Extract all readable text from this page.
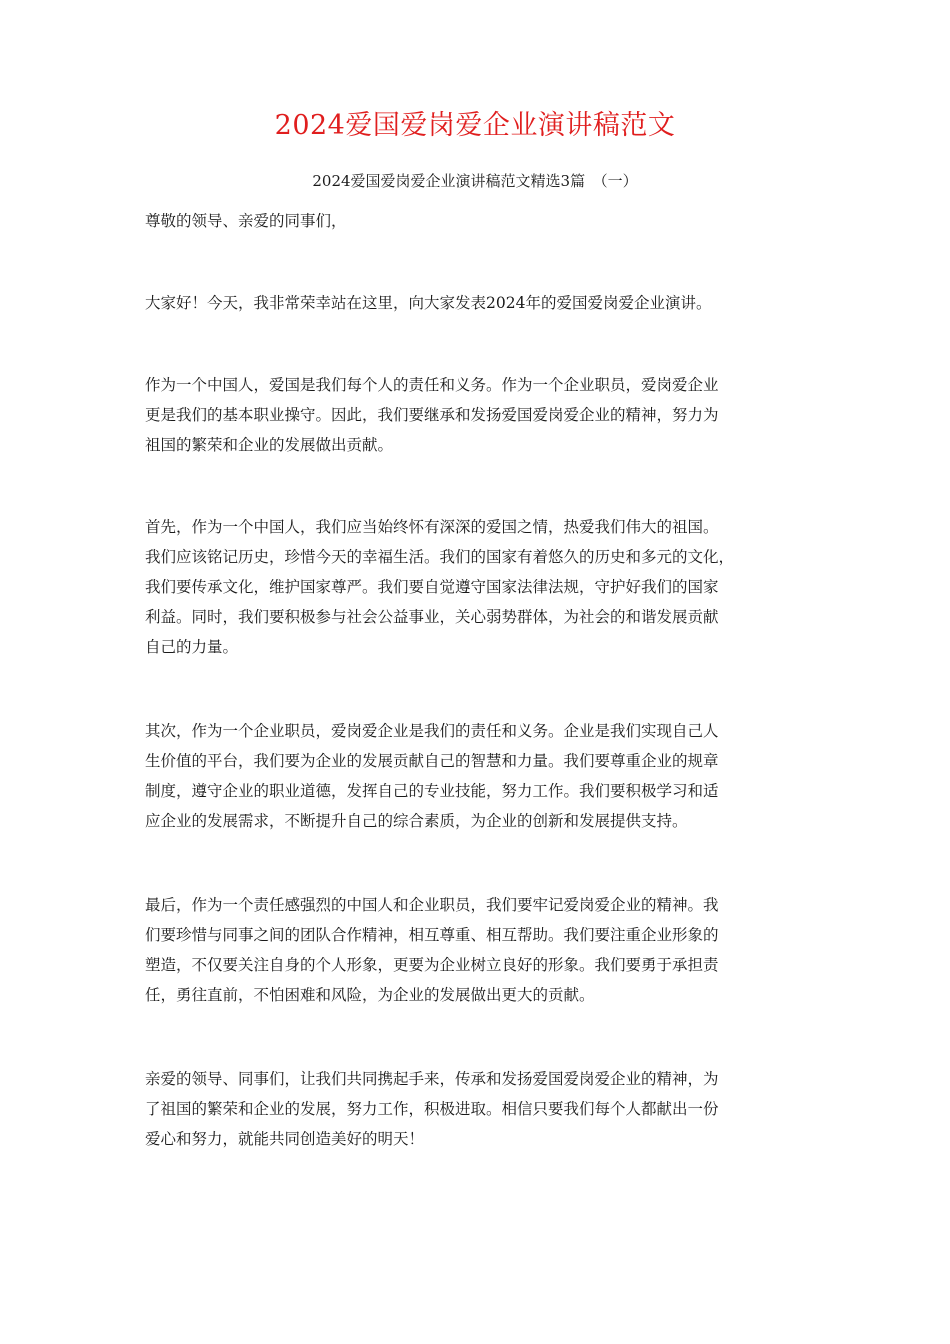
2024爱国爱岗爱企业演讲稿范文
2024爱国爱岗爱企业演讲稿范文精选3篇　（一）

尊敬的领导、亲爱的同事们，

大家好！今天，我非常荣幸站在这里，向大家发表2024年的爱国爱岗爱企业演讲。

作为一个中国人，爱国是我们每个人的责任和义务。作为一个企业职员，爱岗爱企业
更是我们的基本职业操守。因此，我们要继承和发扬爱国爱岗爱企业的精神，努力为
祖国的繁荣和企业的发展做出贡献。

首先，作为一个中国人，我们应当始终怀有深深的爱国之情，热爱我们伟大的祖国。
我们应该铭记历史，珍惜今天的幸福生活。我们的国家有着悠久的历史和多元的文化，
我们要传承文化，维护国家尊严。我们要自觉遵守国家法律法规，守护好我们的国家
利益。同时，我们要积极参与社会公益事业，关心弱势群体，为社会的和谐发展贡献
自己的力量。

其次，作为一个企业职员，爱岗爱企业是我们的责任和义务。企业是我们实现自己人
生价值的平台，我们要为企业的发展贡献自己的智慧和力量。我们要尊重企业的规章
制度，遵守企业的职业道德，发挥自己的专业技能，努力工作。我们要积极学习和适
应企业的发展需求，不断提升自己的综合素质，为企业的创新和发展提供支持。

最后，作为一个责任感强烈的中国人和企业职员，我们要牢记爱岗爱企业的精神。我
们要珍惜与同事之间的团队合作精神，相互尊重、相互帮助。我们要注重企业形象的
塑造，不仅要关注自身的个人形象，更要为企业树立良好的形象。我们要勇于承担责
任，勇往直前，不怕困难和风险，为企业的发展做出更大的贡献。

亲爱的领导、同事们，让我们共同携起手来，传承和发扬爱国爱岗爱企业的精神，为
了祖国的繁荣和企业的发展，努力工作，积极进取。相信只要我们每个人都献出一份
爱心和努力，就能共同创造美好的明天！
